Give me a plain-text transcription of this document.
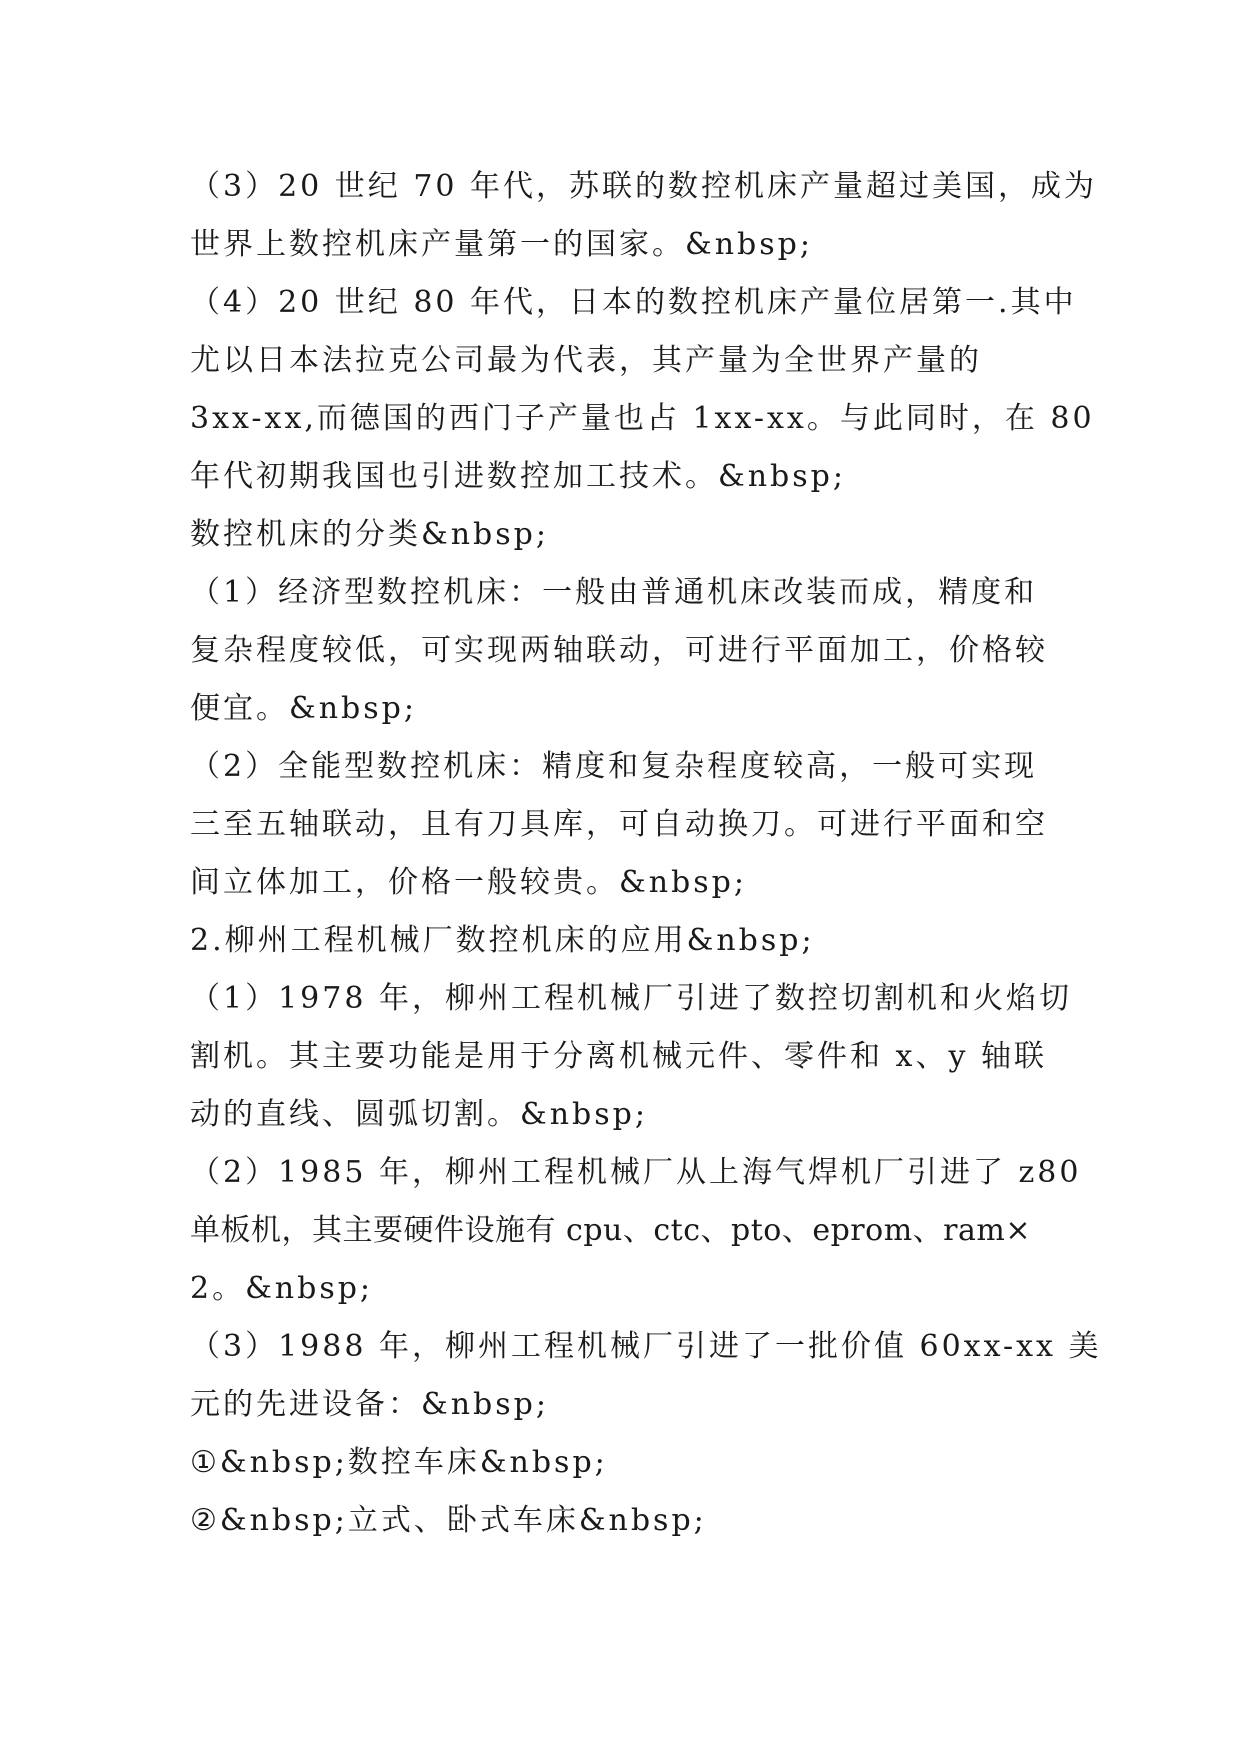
（3）20 世纪 70 年代，苏联的数控机床产量超过美国，成为
世界上数控机床产量第一的国家。&nbsp;
（4）20 世纪 80 年代，日本的数控机床产量位居第一.其中
尤以日本法拉克公司最为代表，其产量为全世界产量的
3xx-xx,而德国的西门子产量也占 1xx-xx。与此同时，在 80
年代初期我国也引进数控加工技术。&nbsp;
数控机床的分类&nbsp;
（1）经济型数控机床：一般由普通机床改装而成，精度和
复杂程度较低，可实现两轴联动，可进行平面加工，价格较
便宜。&nbsp;
（2）全能型数控机床：精度和复杂程度较高，一般可实现
三至五轴联动，且有刀具库，可自动换刀。可进行平面和空
间立体加工，价格一般较贵。&nbsp;
2.柳州工程机械厂数控机床的应用&nbsp;
（1）1978 年，柳州工程机械厂引进了数控切割机和火焰切
割机。其主要功能是用于分离机械元件、零件和 x、y 轴联
动的直线、圆弧切割。&nbsp;
（2）1985 年，柳州工程机械厂从上海气焊机厂引进了 z80
单板机，其主要硬件设施有 cpu、ctc、pto、eprom、ram×
2。&nbsp;
（3）1988 年，柳州工程机械厂引进了一批价值 60xx-xx 美
元的先进设备：&nbsp;
①&nbsp;数控车床&nbsp;
②&nbsp;立式、卧式车床&nbsp;
